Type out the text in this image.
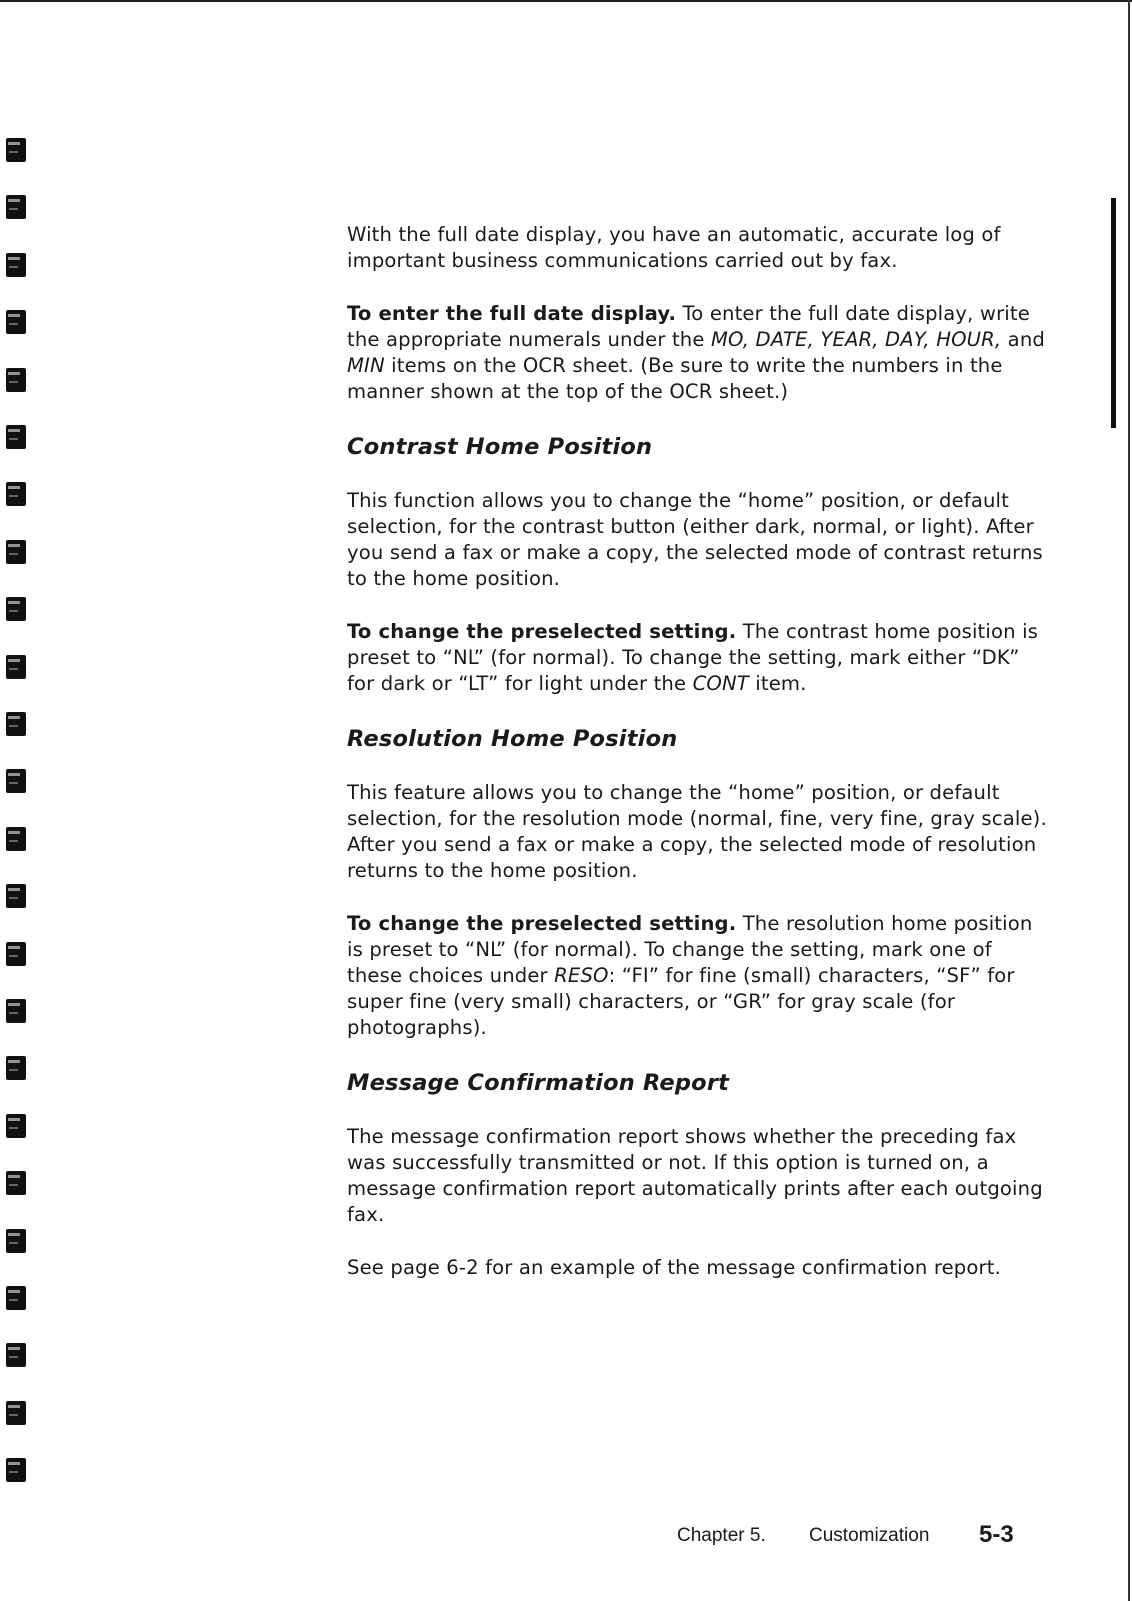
With the full date display, you have an automatic, accurate log of important business communications carried out by fax.

To enter the full date display. To enter the full date display, write the appropriate numerals under the MO, DATE, YEAR, DAY, HOUR, and MIN items on the OCR sheet. (Be sure to write the numbers in the manner shown at the top of the OCR sheet.)

Contrast Home Position

This function allows you to change the “home” position, or default selection, for the contrast button (either dark, normal, or light). After you send a fax or make a copy, the selected mode of contrast returns to the home position.

To change the preselected setting. The contrast home position is preset to “NL” (for normal). To change the setting, mark either “DK” for dark or “LT” for light under the CONT item.

Resolution Home Position

This feature allows you to change the “home” position, or default selection, for the resolution mode (normal, fine, very fine, gray scale). After you send a fax or make a copy, the selected mode of resolution returns to the home position.

To change the preselected setting. The resolution home position is preset to “NL” (for normal). To change the setting, mark one of these choices under RESO: “FI” for fine (small) characters, “SF” for super fine (very small) characters, or “GR” for gray scale (for photographs).

Message Confirmation Report

The message confirmation report shows whether the preceding fax was successfully transmitted or not. If this option is turned on, a message confirmation report automatically prints after each outgoing fax.

See page 6-2 for an example of the message confirmation report.

Chapter 5. Customization 5-3
